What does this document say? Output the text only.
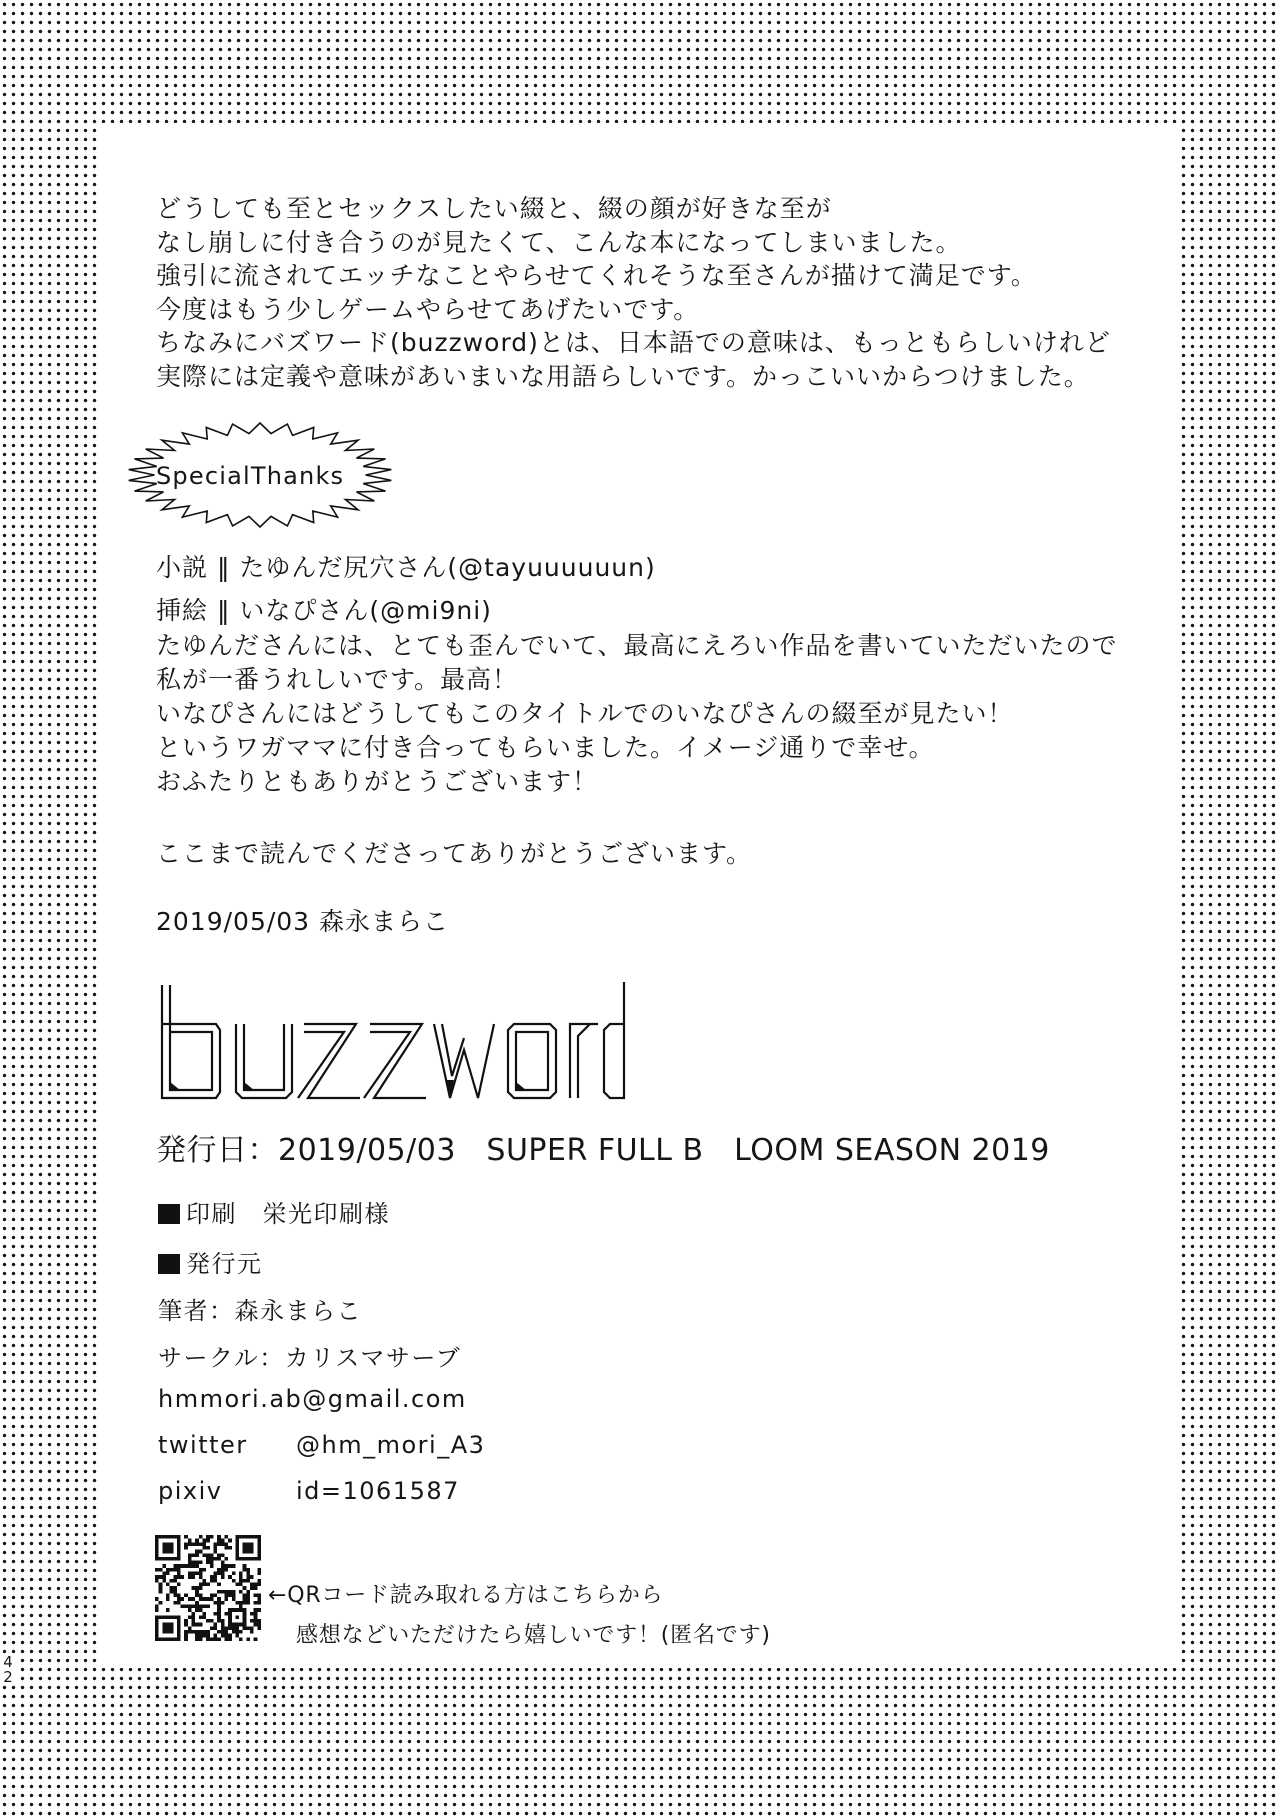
どうしても至とセックスしたい綴と、綴の顔が好きな至が
なし崩しに付き合うのが見たくて、こんな本になってしまいました。
強引に流されてエッチなことやらせてくれそうな至さんが描けて満足です。
今度はもう少しゲームやらせてあげたいです。
ちなみにバズワード(buzzword)とは、日本語での意味は、もっともらしいけれど
実際には定義や意味があいまいな用語らしいです。かっこいいからつけました。
SpecialThanks
小説 ‖ たゆんだ尻穴さん(@tayuuuuuun)
挿絵 ‖ いなぴさん(@mi9ni)
たゆんださんには、とても歪んでいて、最高にえろい作品を書いていただいたので
私が一番うれしいです。最高！
いなぴさんにはどうしてもこのタイトルでのいなぴさんの綴至が見たい！
というワガママに付き合ってもらいました。イメージ通りで幸せ。
おふたりともありがとうございます！
ここまで読んでくださってありがとうございます。
2019/05/03 森永まらこ
発行日：2019/05/03　SUPER FULL B　LOOM SEASON 2019
印刷　栄光印刷様
発行元
筆者：森永まらこ
サークル：カリスマサーブ
hmmori.ab@gmail.com
twitter @hm_mori_A3
pixiv	id=1061587
←QRコード読み取れる方はこちらから
感想などいただけたら嬉しいです！(匿名です)
4
2
